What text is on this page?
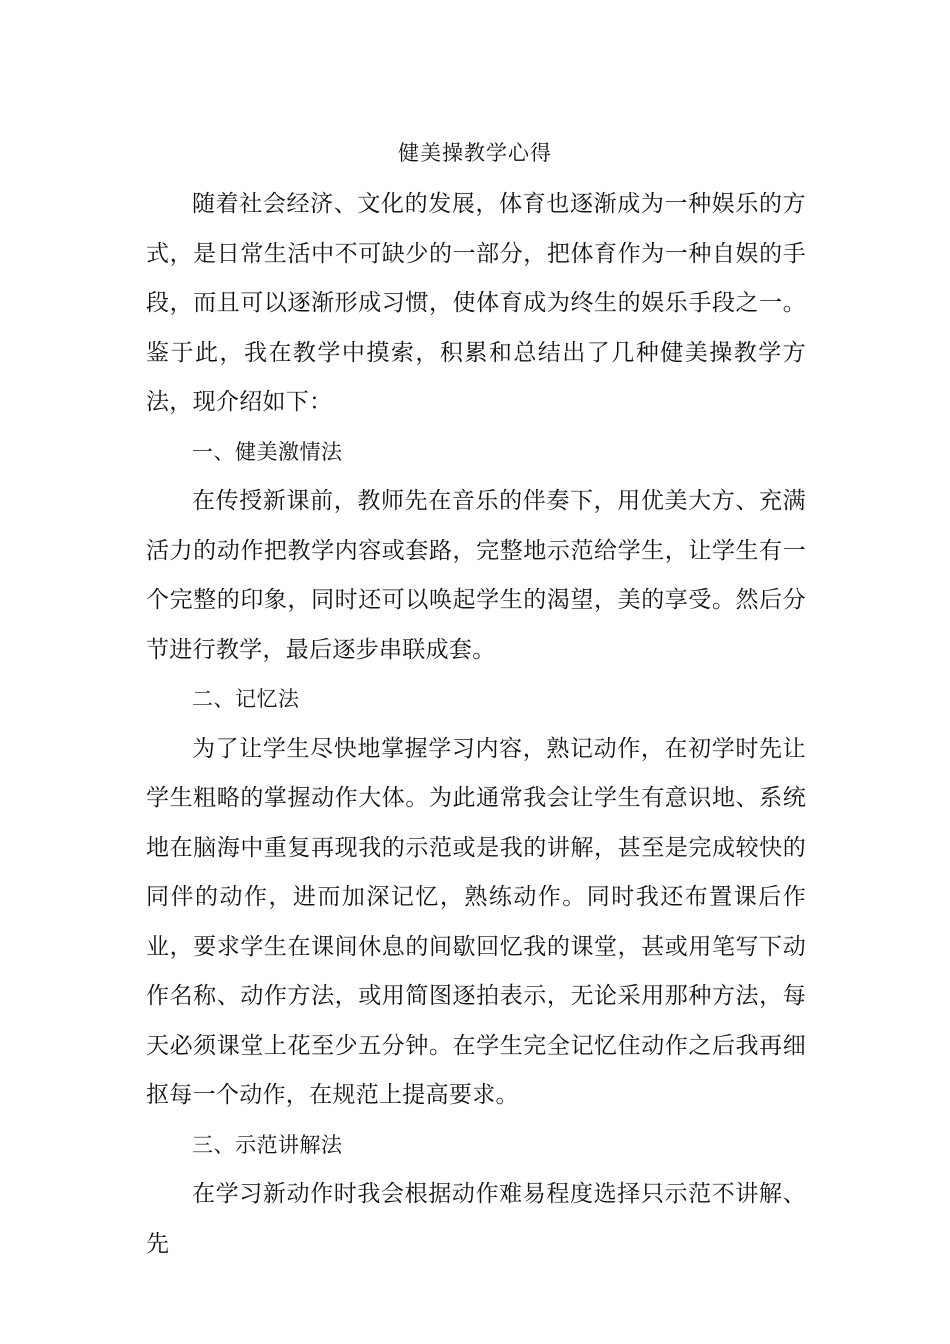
健美操教学心得

随着社会经济、文化的发展，体育也逐渐成为一种娱乐的方式，是日常生活中不可缺少的一部分，把体育作为一种自娱的手段，而且可以逐渐形成习惯，使体育成为终生的娱乐手段之一。鉴于此，我在教学中摸索，积累和总结出了几种健美操教学方法，现介绍如下：

一、健美激情法

在传授新课前，教师先在音乐的伴奏下，用优美大方、充满活力的动作把教学内容或套路，完整地示范给学生，让学生有一个完整的印象，同时还可以唤起学生的渴望，美的享受。然后分节进行教学，最后逐步串联成套。

二、记忆法

为了让学生尽快地掌握学习内容，熟记动作，在初学时先让学生粗略的掌握动作大体。为此通常我会让学生有意识地、系统地在脑海中重复再现我的示范或是我的讲解，甚至是完成较快的同伴的动作，进而加深记忆，熟练动作。同时我还布置课后作业，要求学生在课间休息的间歇回忆我的课堂，甚或用笔写下动作名称、动作方法，或用简图逐拍表示，无论采用那种方法，每天必须课堂上花至少五分钟。在学生完全记忆住动作之后我再细抠每一个动作，在规范上提高要求。

三、示范讲解法

在学习新动作时我会根据动作难易程度选择只示范不讲解、先
